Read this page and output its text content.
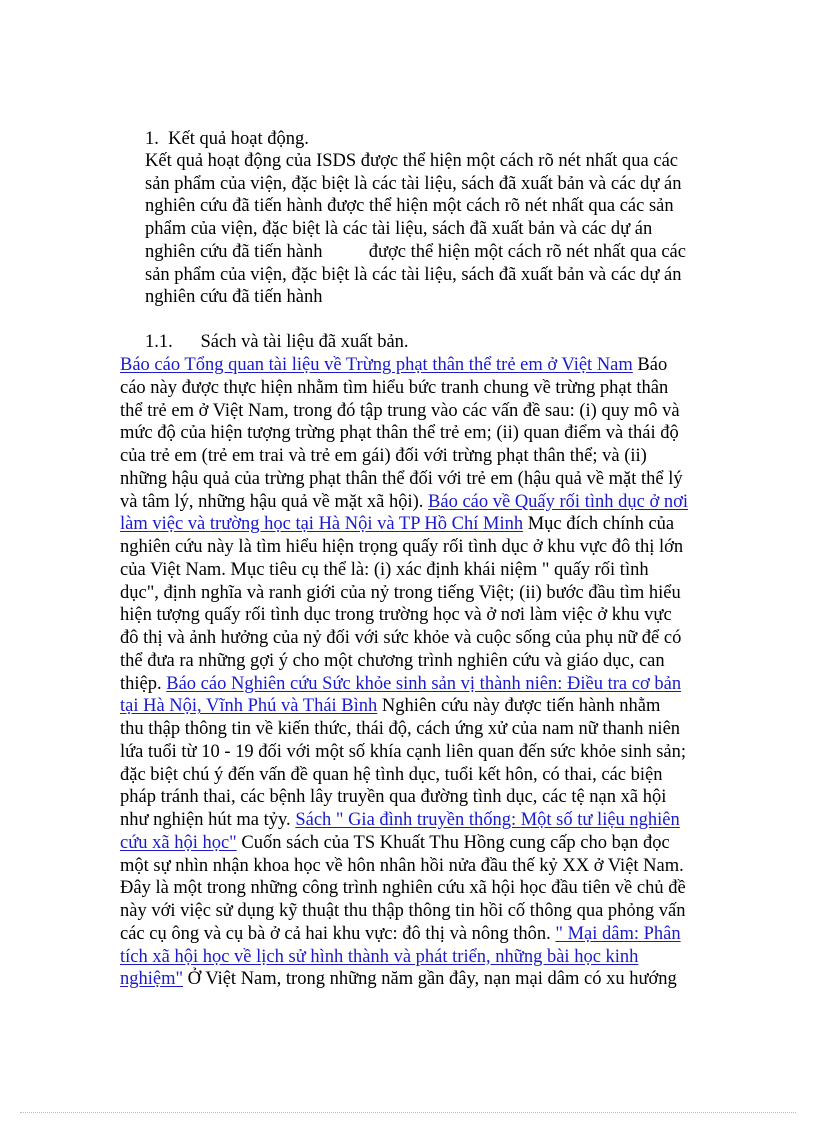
1.  Kết quả hoạt động.
Kết quả hoạt động của ISDS được thể hiện một cách rõ nét nhất qua các
sản phẩm của viện, đặc biệt là các tài liệu, sách đã xuất bản và các dự án
nghiên cứu đã tiến hành được thể hiện một cách rõ nét nhất qua các sản
phẩm của viện, đặc biệt là các tài liệu, sách đã xuất bản và các dự án
nghiên cứu đã tiến hành          được thể hiện một cách rõ nét nhất qua các
sản phẩm của viện, đặc biệt là các tài liệu, sách đã xuất bản và các dự án
nghiên cứu đã tiến hành
1.1.      Sách và tài liệu đã xuất bản.
Báo cáo Tổng quan tài liệu về Trừng phạt thân thể trẻ em ở Việt Nam Báo
cáo này được thực hiện nhằm tìm hiểu bức tranh chung về trừng phạt thân
thể trẻ em ở Việt Nam, trong đó tập trung vào các vấn đề sau: (i) quy mô và
mức độ của hiện tượng trừng phạt thân thể trẻ em; (ii) quan điểm và thái độ
của trẻ em (trẻ em trai và trẻ em gái) đối với trừng phạt thân thể; và (ii)
những hậu quả của trừng phạt thân thể đối với trẻ em (hậu quả về mặt thể lý
và tâm lý, những hậu quả về mặt xã hội). Báo cáo về Quấy rối tình dục ở nơi
làm việc và trường học tại Hà Nội và TP Hồ Chí Minh Mục đích chính của
nghiên cứu này là tìm hiểu hiện trọng quấy rối tình dục ở khu vực đô thị lớn
của Việt Nam. Mục tiêu cụ thể là: (i) xác định khái niệm " quấy rối tình
dục", định nghĩa và ranh giới của nỷ trong tiếng Việt; (ii) bước đầu tìm hiểu
hiện tượng quấy rối tình dục trong trường học và ở nơi làm việc ở khu vực
đô thị và ảnh hưởng của nỷ đối với sức khỏe và cuộc sống của phụ nữ để có
thể đưa ra những gợi ý cho một chương trình nghiên cứu và giáo dục, can
thiệp. Báo cáo Nghiên cứu Sức khỏe sinh sản vị thành niên: Điều tra cơ bản
tại Hà Nội, Vĩnh Phú và Thái Bình Nghiên cứu này được tiến hành nhằm
thu thập thông tin về kiến thức, thái độ, cách ứng xử của nam nữ thanh niên
lứa tuổi từ 10 - 19 đối với một số khía cạnh liên quan đến sức khỏe sinh sản;
đặc biệt chú ý đến vấn đề quan hệ tình dục, tuổi kết hôn, có thai, các biện
pháp tránh thai, các bệnh lây truyền qua đường tình dục, các tệ nạn xã hội
như nghiện hút ma tỷy. Sách " Gia đình truyền thống: Một số tư liệu nghiên
cứu xã hội học" Cuốn sách của TS Khuất Thu Hồng cung cấp cho bạn đọc
một sự nhìn nhận khoa học về hôn nhân hồi nửa đầu thế kỷ XX ở Việt Nam.
Đây là một trong những công trình nghiên cứu xã hội học đầu tiên về chủ đề
này với việc sử dụng kỹ thuật thu thập thông tin hồi cố thông qua phỏng vấn
các cụ ông và cụ bà ở cả hai khu vực: đô thị và nông thôn. " Mại dâm: Phân
tích xã hội học về lịch sử hình thành và phát triển, những bài học kinh
nghiệm" Ở Việt Nam, trong những năm gần đây, nạn mại dâm có xu hướng
